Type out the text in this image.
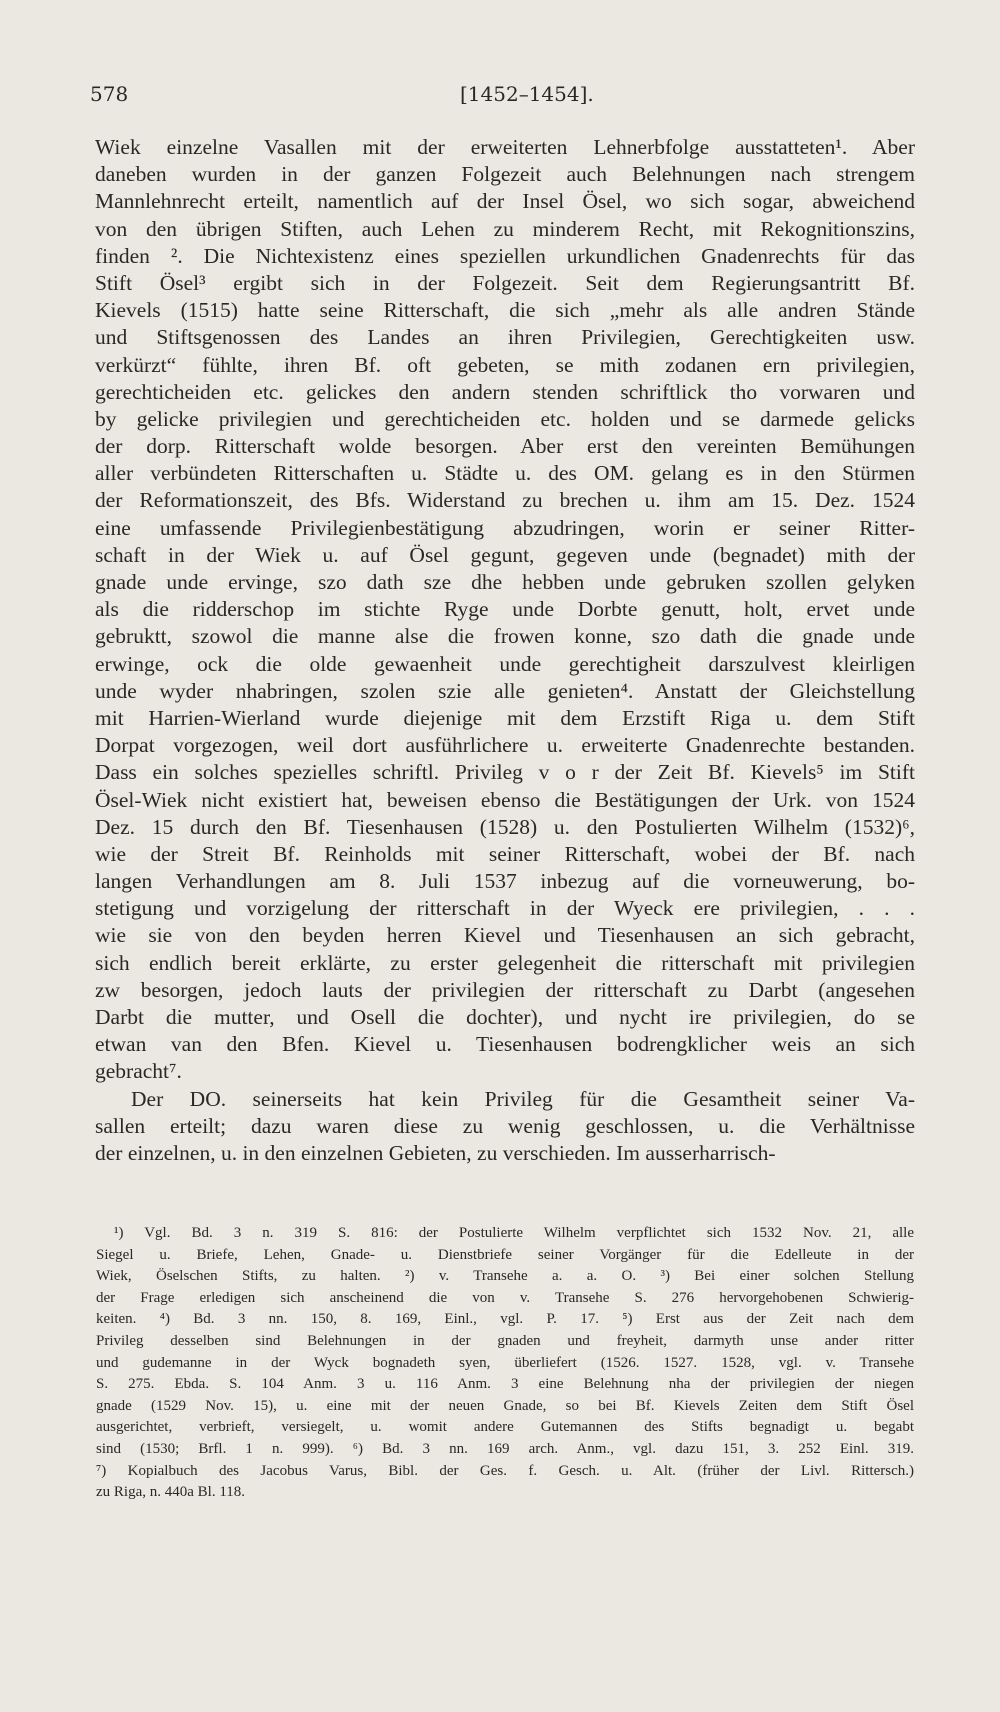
578	[1452–1454].
Wiek einzelne Vasallen mit der erweiterten Lehnerbfolge ausstatteten¹. Aber
daneben wurden in der ganzen Folgezeit auch Belehnungen nach strengem
Mannlehnrecht erteilt, namentlich auf der Insel Ösel, wo sich sogar, abweichend
von den übrigen Stiften, auch Lehen zu minderem Recht, mit Rekognitionszins,
finden ². Die Nichtexistenz eines speziellen urkundlichen Gnadenrechts für das
Stift Ösel³ ergibt sich in der Folgezeit. Seit dem Regierungsantritt Bf.
Kievels (1515) hatte seine Ritterschaft, die sich „mehr als alle andren Stände
und Stiftsgenossen des Landes an ihren Privilegien, Gerechtigkeiten usw.
verkürzt“ fühlte, ihren Bf. oft gebeten, se mith zodanen ern privilegien,
gerechticheiden etc. gelickes den andern stenden schriftlick tho vorwaren und
by gelicke privilegien und gerechticheiden etc. holden und se darmede gelicks
der dorp. Ritterschaft wolde besorgen. Aber erst den vereinten Bemühungen
aller verbündeten Ritterschaften u. Städte u. des OM. gelang es in den Stürmen
der Reformationszeit, des Bfs. Widerstand zu brechen u. ihm am 15. Dez. 1524
eine umfassende Privilegienbestätigung abzudringen, worin er seiner Ritter-
schaft in der Wiek u. auf Ösel gegunt, gegeven unde (begnadet) mith der
gnade unde ervinge, szo dath sze dhe hebben unde gebruken szollen gelyken
als die ridderschop im stichte Ryge unde Dorbte genutt, holt, ervet unde
gebruktt, szowol die manne alse die frowen konne, szo dath die gnade unde
erwinge, ock die olde gewaenheit unde gerechtigheit darszulvest kleirligen
unde wyder nhabringen, szolen szie alle genieten⁴. Anstatt der Gleichstellung
mit Harrien-Wierland wurde diejenige mit dem Erzstift Riga u. dem Stift
Dorpat vorgezogen, weil dort ausführlichere u. erweiterte Gnadenrechte bestanden.
Dass ein solches spezielles schriftl. Privileg v o r der Zeit Bf. Kievels⁵ im Stift
Ösel-Wiek nicht existiert hat, beweisen ebenso die Bestätigungen der Urk. von 1524
Dez. 15 durch den Bf. Tiesenhausen (1528) u. den Postulierten Wilhelm (1532)⁶,
wie der Streit Bf. Reinholds mit seiner Ritterschaft, wobei der Bf. nach
langen Verhandlungen am 8. Juli 1537 inbezug auf die vorneuwerung, bo-
stetigung und vorzigelung der ritterschaft in der Wyeck ere privilegien, . . .
wie sie von den beyden herren Kievel und Tiesenhausen an sich gebracht,
sich endlich bereit erklärte, zu erster gelegenheit die ritterschaft mit privilegien
zw besorgen, jedoch lauts der privilegien der ritterschaft zu Darbt (angesehen
Darbt die mutter, und Osell die dochter), und nycht ire privilegien, do se
etwan van den Bfen. Kievel u. Tiesenhausen bodrengklicher weis an sich
gebracht⁷.
Der DO. seinerseits hat kein Privileg für die Gesamtheit seiner Va-
sallen erteilt; dazu waren diese zu wenig geschlossen, u. die Verhältnisse
der einzelnen, u. in den einzelnen Gebieten, zu verschieden. Im ausserharrisch-
¹) Vgl. Bd. 3 n. 319 S. 816: der Postulierte Wilhelm verpflichtet sich 1532 Nov. 21, alle
Siegel u. Briefe, Lehen, Gnade- u. Dienstbriefe seiner Vorgänger für die Edelleute in der
Wiek, Öselschen Stifts, zu halten. ²) v. Transehe a. a. O. ³) Bei einer solchen Stellung
der Frage erledigen sich anscheinend die von v. Transehe S. 276 hervorgehobenen Schwierig-
keiten. ⁴) Bd. 3 nn. 150, 8. 169, Einl., vgl. P. 17. ⁵) Erst aus der Zeit nach dem
Privileg desselben sind Belehnungen in der gnaden und freyheit, darmyth unse ander ritter
und gudemanne in der Wyck bognadeth syen, überliefert (1526. 1527. 1528, vgl. v. Transehe
S. 275. Ebda. S. 104 Anm. 3 u. 116 Anm. 3 eine Belehnung nha der privilegien der niegen
gnade (1529 Nov. 15), u. eine mit der neuen Gnade, so bei Bf. Kievels Zeiten dem Stift Ösel
ausgerichtet, verbrieft, versiegelt, u. womit andere Gutemannen des Stifts begnadigt u. begabt
sind (1530; Brfl. 1 n. 999). ⁶) Bd. 3 nn. 169 arch. Anm., vgl. dazu 151, 3. 252 Einl. 319.
⁷) Kopialbuch des Jacobus Varus, Bibl. der Ges. f. Gesch. u. Alt. (früher der Livl. Rittersch.)
zu Riga, n. 440a Bl. 118.
